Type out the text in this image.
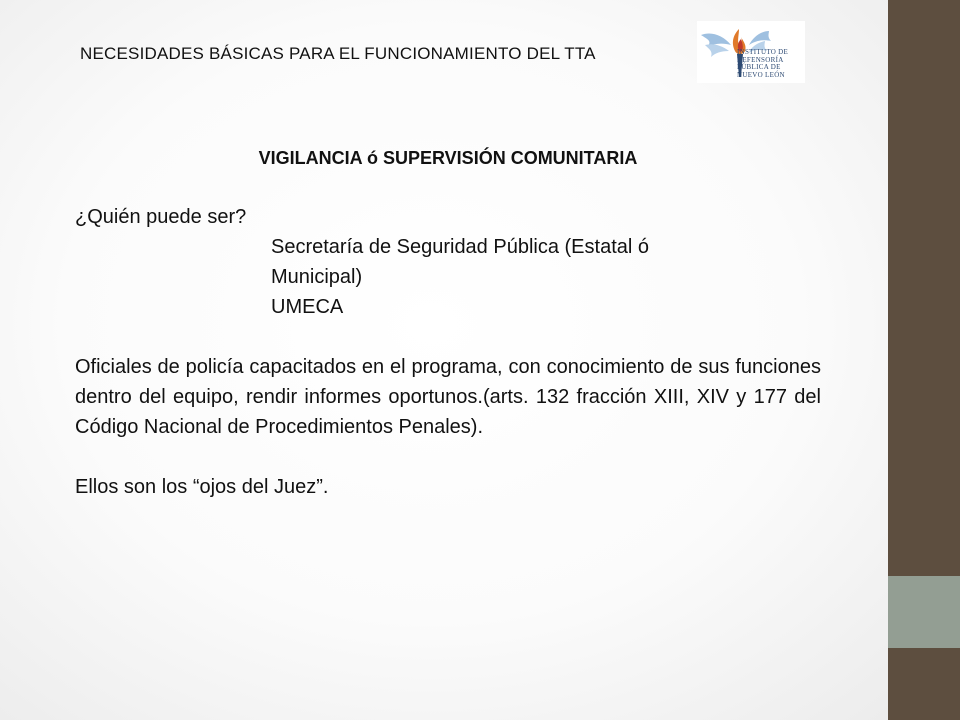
NECESIDADES BÁSICAS PARA EL FUNCIONAMIENTO DEL TTA	INSTITUTO DE
DEFENSORÍA
PÚBLICA DE
NUEVO LEÓN
VIGILANCIA ó SUPERVISIÓN COMUNITARIA

¿Quién puede ser?

Secretaría de Seguridad Pública (Estatal ó

Municipal)

UMECA

Oficiales de policía capacitados en el programa, con conocimiento de sus funciones dentro del equipo, rendir informes oportunos.(arts. 132 fracción XIII, XIV y 177 del Código Nacional de Procedimientos Penales).

Ellos son los “ojos del Juez”.
